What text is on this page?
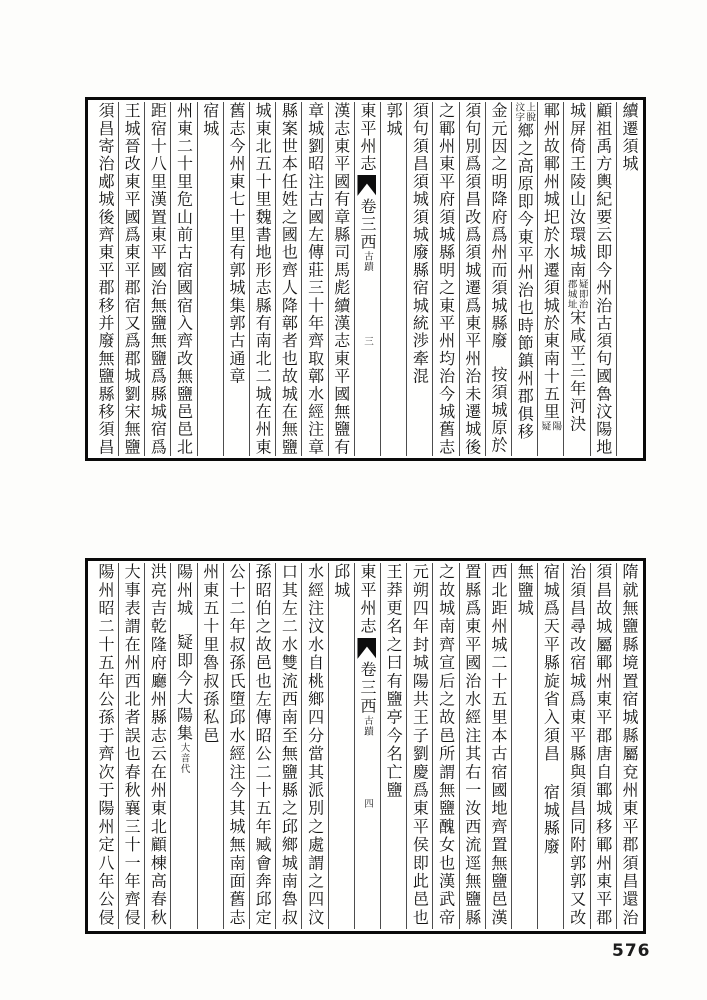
續遷須城
顧祖禹方輿紀要云即今州治古須句國魯汶陽地
城屏倚王陵山汝環城南疑即治郡城址宋咸平三年河決
鄆州故鄆州城圯於水遷須城於東南十五里陽疑
上脫汶字鄉之高原即今東平州治也時節鎮州郡俱移
金元因之明降府爲州而須城縣廢按須城原於
須句別爲須昌改爲須城遷爲東平州治未遷城後
之鄆州東平府須城縣明之東平州均治今城舊志
須句須昌須城須城廢縣宿城統渉牽混
郭城
東平州志卷三西古蹟三
漢志東平國有章縣司馬彪續漢志東平國無鹽有
章城劉昭注古國左傳莊三十年齊取鄣水經注章
縣案世本任姓之國也齊人降鄣者也故城在無鹽
城東北五十里魏書地形志縣有南北二城在州東
舊志今州東七十里有郭城集郭古通章
宿城
州東二十里危山前古宿國宿入齊改無鹽邑邑北
距宿十八里漢置東平國治無鹽無鹽爲縣城宿爲
王城晉改東平國爲東平郡宿又爲郡城劉宋無鹽
須昌寄治郕城後齊東平郡移并廢無鹽縣移須昌
隋就無鹽縣境置宿城縣屬兗州東平郡須昌還治
須昌故城屬鄆州東平郡唐自鄆城移鄆州東平郡
治須昌尋改宿城爲東平縣與須昌同附郭郭又改
宿城爲天平縣旋省入須昌宿城縣廢
無鹽城
西北距州城二十五里本古宿國地齊置無鹽邑漢
置縣爲東平國治水經注其右一汝西流逕無鹽縣
之故城南齊宣后之故邑所謂無鹽醜女也漢武帝
元朔四年封城陽共王子劉慶爲東平侯即此邑也
王莽更名之曰有鹽亭今名亡鹽
東平州志卷三西古蹟四
邱城
水經注汶水自桃鄉四分當其派別之處謂之四汶
口其左二水雙流西南至無鹽縣之邱鄉城南魯叔
孫昭伯之故邑也左傳昭公二十五年臧會奔邱定
公十二年叔孫氏墮邱水經注今其城無南面舊志
州東五十里魯叔孫私邑
陽州城疑即今大陽集大音代
洪亮吉乾隆府廳州縣志云在州東北顧棟高春秋
大事表謂在州西北者誤也春秋襄三十一年齊侵
陽州昭二十五年公孫于齊次于陽州定八年公侵
576
